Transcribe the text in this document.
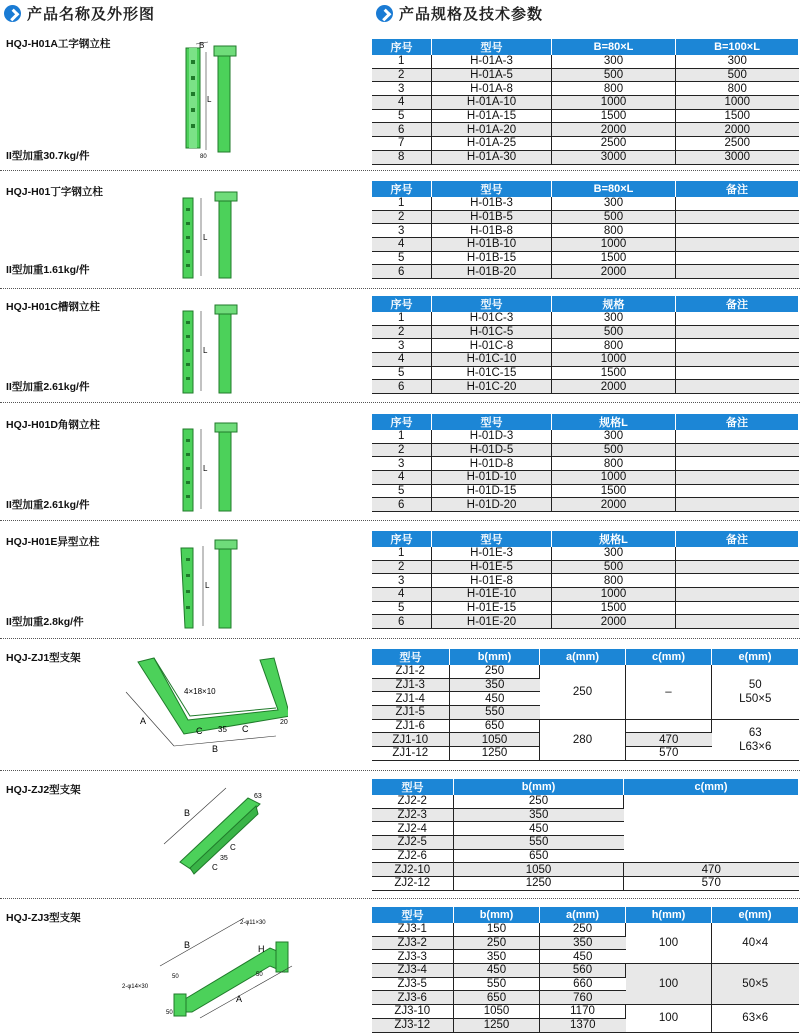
产品名称及外形图	产品规格及技术参数
HQJ-H01A工字钢立柱
II型加重30.7kg/件
B
L
80
序号	型号	B=80×L	B=100×L
1	H-01A-3	300	300
2	H-01A-5	500	500
3	H-01A-8	800	800
4	H-01A-10	1000	1000
5	H-01A-15	1500	1500
6	H-01A-20	2000	2000
7	H-01A-25	2500	2500
8	H-01A-30	3000	3000
HQJ-H01丁字钢立柱
II型加重1.61kg/件
L
序号	型号	B=80×L	备注
1	H-01B-3	300	
2	H-01B-5	500	
3	H-01B-8	800	
4	H-01B-10	1000	
5	H-01B-15	1500	
6	H-01B-20	2000	
HQJ-H01C槽钢立柱
II型加重2.61kg/件
L
序号	型号	规格	备注
1	H-01C-3	300	
2	H-01C-5	500	
3	H-01C-8	800	
4	H-01C-10	1000	
5	H-01C-15	1500	
6	H-01C-20	2000	
HQJ-H01D角钢立柱
II型加重2.61kg/件
L
序号	型号	规格L	备注
1	H-01D-3	300	
2	H-01D-5	500	
3	H-01D-8	800	
4	H-01D-10	1000	
5	H-01D-15	1500	
6	H-01D-20	2000	
HQJ-H01E异型立柱
II型加重2.8kg/件
L
序号	型号	规格L	备注
1	H-01E-3	300	
2	H-01E-5	500	
3	H-01E-8	800	
4	H-01E-10	1000	
5	H-01E-15	1500	
6	H-01E-20	2000	
HQJ-ZJ1型支架
A
B
C	C
35
4×18×10
20
型号	b(mm)	a(mm)	c(mm)	e(mm)
ZJ1-2	250	250	–	50
L50×5

ZJ1-3	350			
ZJ1-4	450			
ZJ1-5	550			
ZJ1-6	650	280		63
L63×6

ZJ1-10	1050		470	
ZJ1-12	1250		570	
HQJ-ZJ2型支架
B
C
C
35
63
型号	b(mm)	c(mm)
ZJ2-2	250	
ZJ2-3	350	
ZJ2-4	450	
ZJ2-5	550	
ZJ2-6	650	
ZJ2-10	1050	470
ZJ2-12	1250	570
HQJ-ZJ3型支架
B
A
H
2-φ11×30
2-φ14×30
50	50
50
型号	b(mm)	a(mm)	h(mm)	e(mm)
ZJ3-1	150	250	100	40×4
ZJ3-2	250	350		
ZJ3-3	350	450		
ZJ3-4	450	560	100	50×5
ZJ3-5	550	660		
ZJ3-6	650	760		
ZJ3-10	1050	1170	100	63×6
ZJ3-12	1250	1370		
